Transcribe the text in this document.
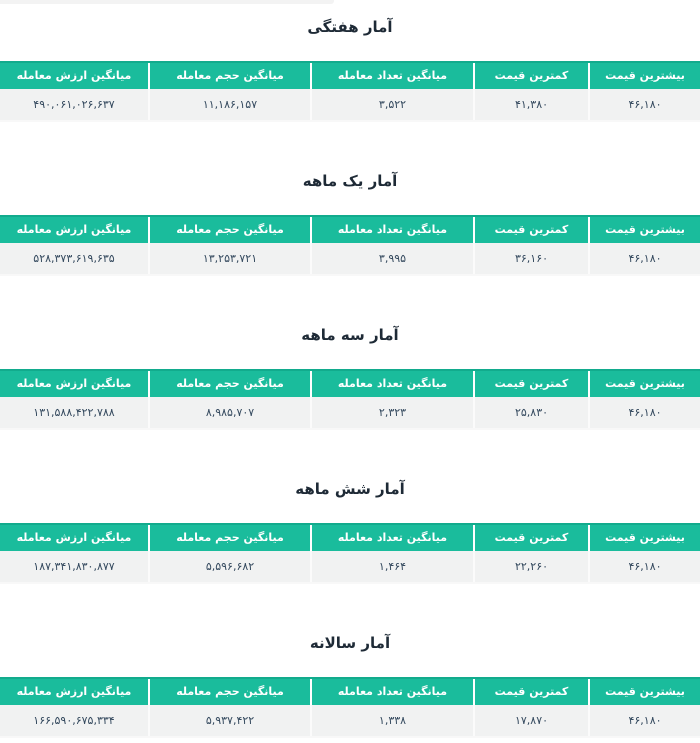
آمار هفتگی
بیشترین قیمت
کمترین قیمت
میانگین تعداد معامله
میانگین حجم معامله
میانگین ارزش معامله
۴۶,۱۸۰
۴۱,۳۸۰
۳,۵۲۲
۱۱,۱۸۶,۱۵۷
۴۹۰,۰۶۱,۰۲۶,۶۳۷
آمار یک ماهه
بیشترین قیمت
کمترین قیمت
میانگین تعداد معامله
میانگین حجم معامله
میانگین ارزش معامله
۴۶,۱۸۰
۳۶,۱۶۰
۳,۹۹۵
۱۳,۲۵۳,۷۲۱
۵۲۸,۳۷۳,۶۱۹,۶۳۵
آمار سه ماهه
بیشترین قیمت
کمترین قیمت
میانگین تعداد معامله
میانگین حجم معامله
میانگین ارزش معامله
۴۶,۱۸۰
۲۵,۸۳۰
۲,۳۲۳
۸,۹۸۵,۷۰۷
۱۳۱,۵۸۸,۴۲۲,۷۸۸
آمار شش ماهه
بیشترین قیمت
کمترین قیمت
میانگین تعداد معامله
میانگین حجم معامله
میانگین ارزش معامله
۴۶,۱۸۰
۲۲,۲۶۰
۱,۴۶۴
۵,۵۹۶,۶۸۲
۱۸۷,۳۴۱,۸۳۰,۸۷۷
آمار سالانه
بیشترین قیمت
کمترین قیمت
میانگین تعداد معامله
میانگین حجم معامله
میانگین ارزش معامله
۴۶,۱۸۰
۱۷,۸۷۰
۱,۳۳۸
۵,۹۳۷,۴۲۲
۱۶۶,۵۹۰,۶۷۵,۳۳۴
